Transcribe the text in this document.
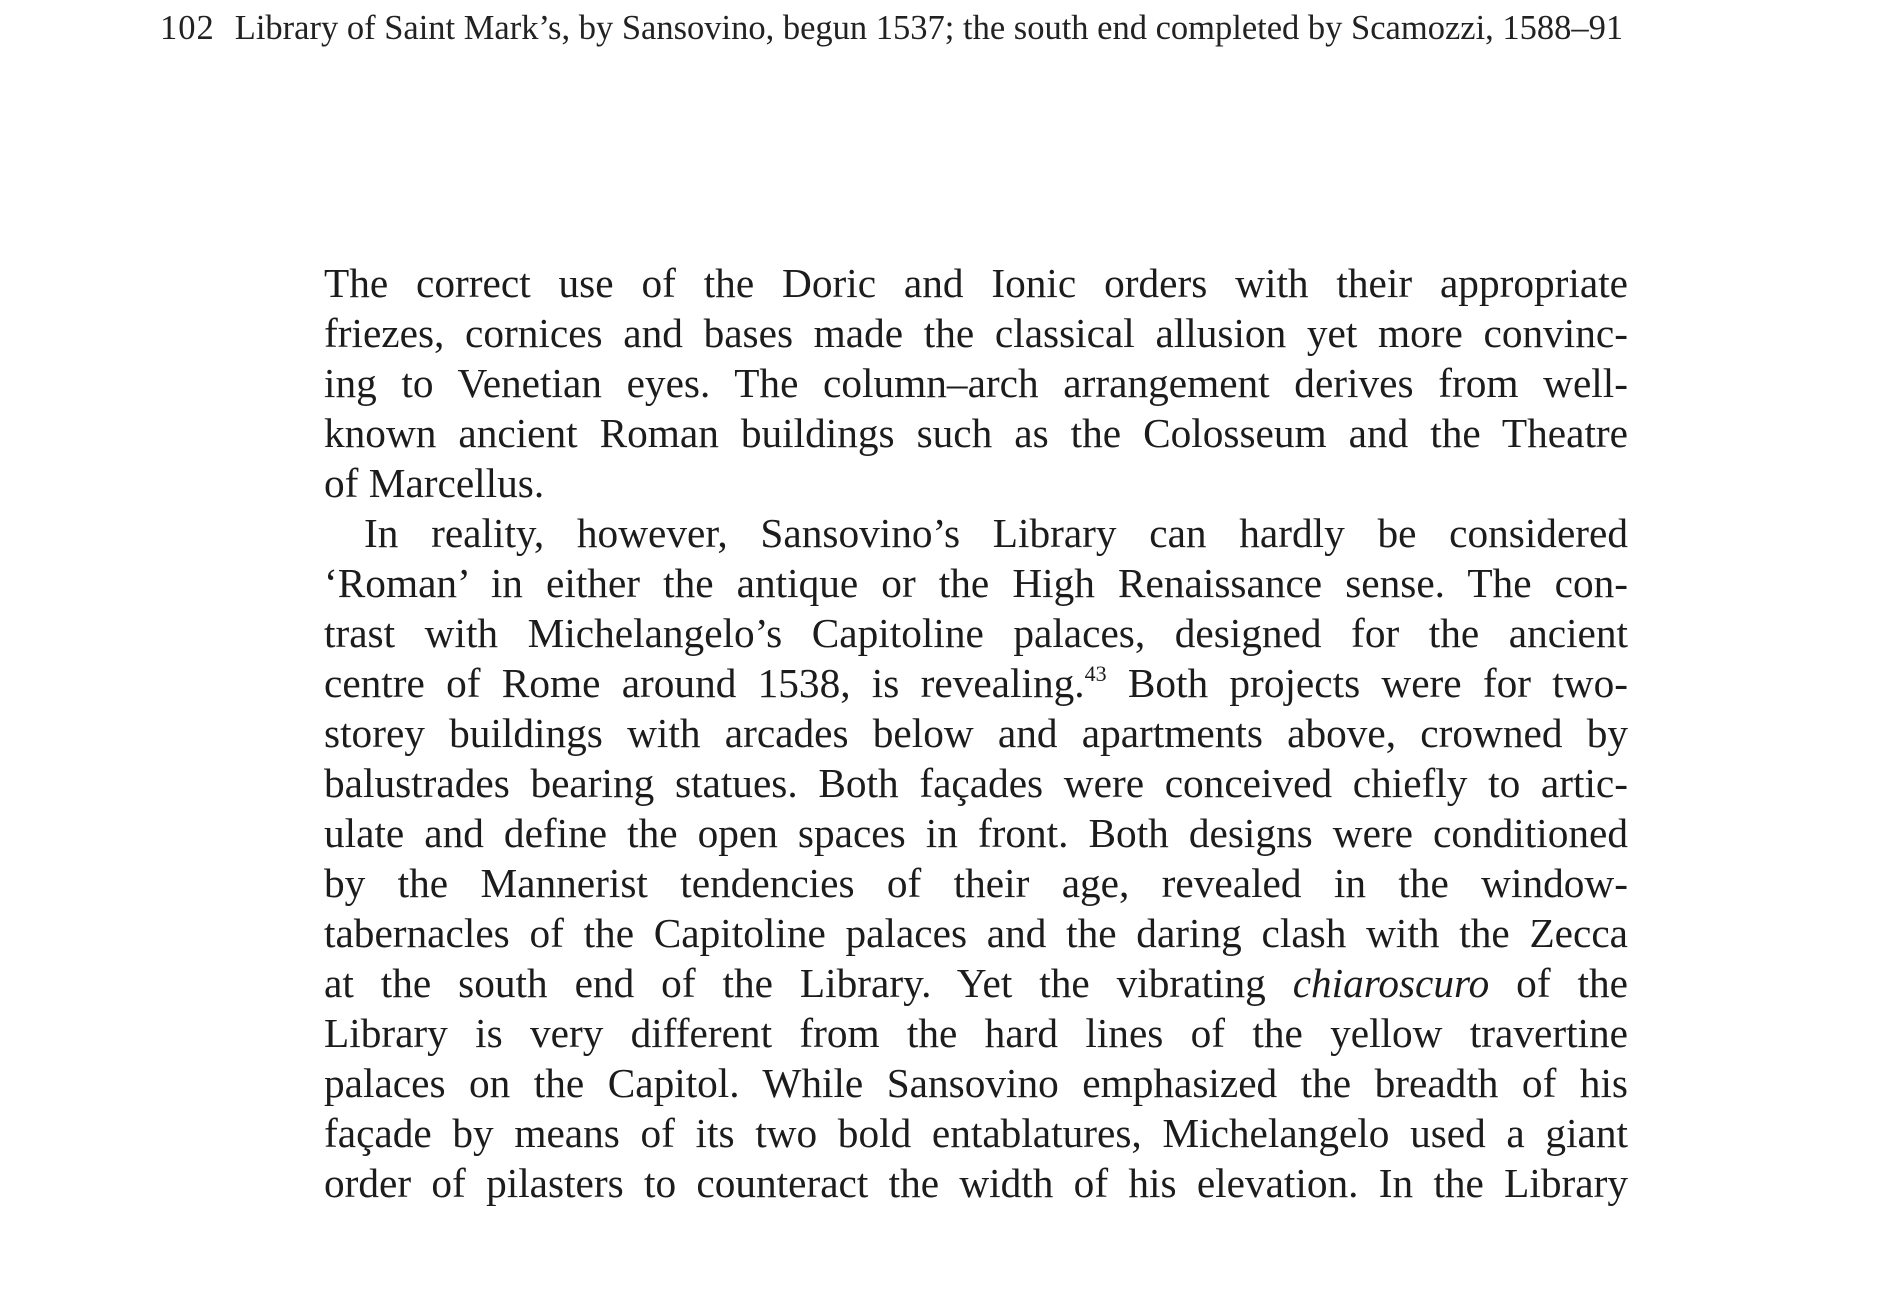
102 Library of Saint Mark’s, by Sansovino, begun 1537; the south end completed by Scamozzi, 1588–91

The correct use of the Doric and Ionic orders with their appropriate
friezes, cornices and bases made the classical allusion yet more convinc-
ing to Venetian eyes. The column–arch arrangement derives from well-
known ancient Roman buildings such as the Colosseum and the Theatre
of Marcellus.
In reality, however, Sansovino’s Library can hardly be considered
‘Roman’ in either the antique or the High Renaissance sense. The con-
trast with Michelangelo’s Capitoline palaces, designed for the ancient
centre of Rome around 1538, is revealing.$^{43}$ Both projects were for two-
storey buildings with arcades below and apartments above, crowned by
balustrades bearing statues. Both façades were conceived chiefly to artic-
ulate and define the open spaces in front. Both designs were conditioned
by the Mannerist tendencies of their age, revealed in the window-
tabernacles of the Capitoline palaces and the daring clash with the Zecca
at the south end of the Library. Yet the vibrating chiaroscuro of the
Library is very different from the hard lines of the yellow travertine
palaces on the Capitol. While Sansovino emphasized the breadth of his
façade by means of its two bold entablatures, Michelangelo used a giant
order of pilasters to counteract the width of his elevation. In the Library
